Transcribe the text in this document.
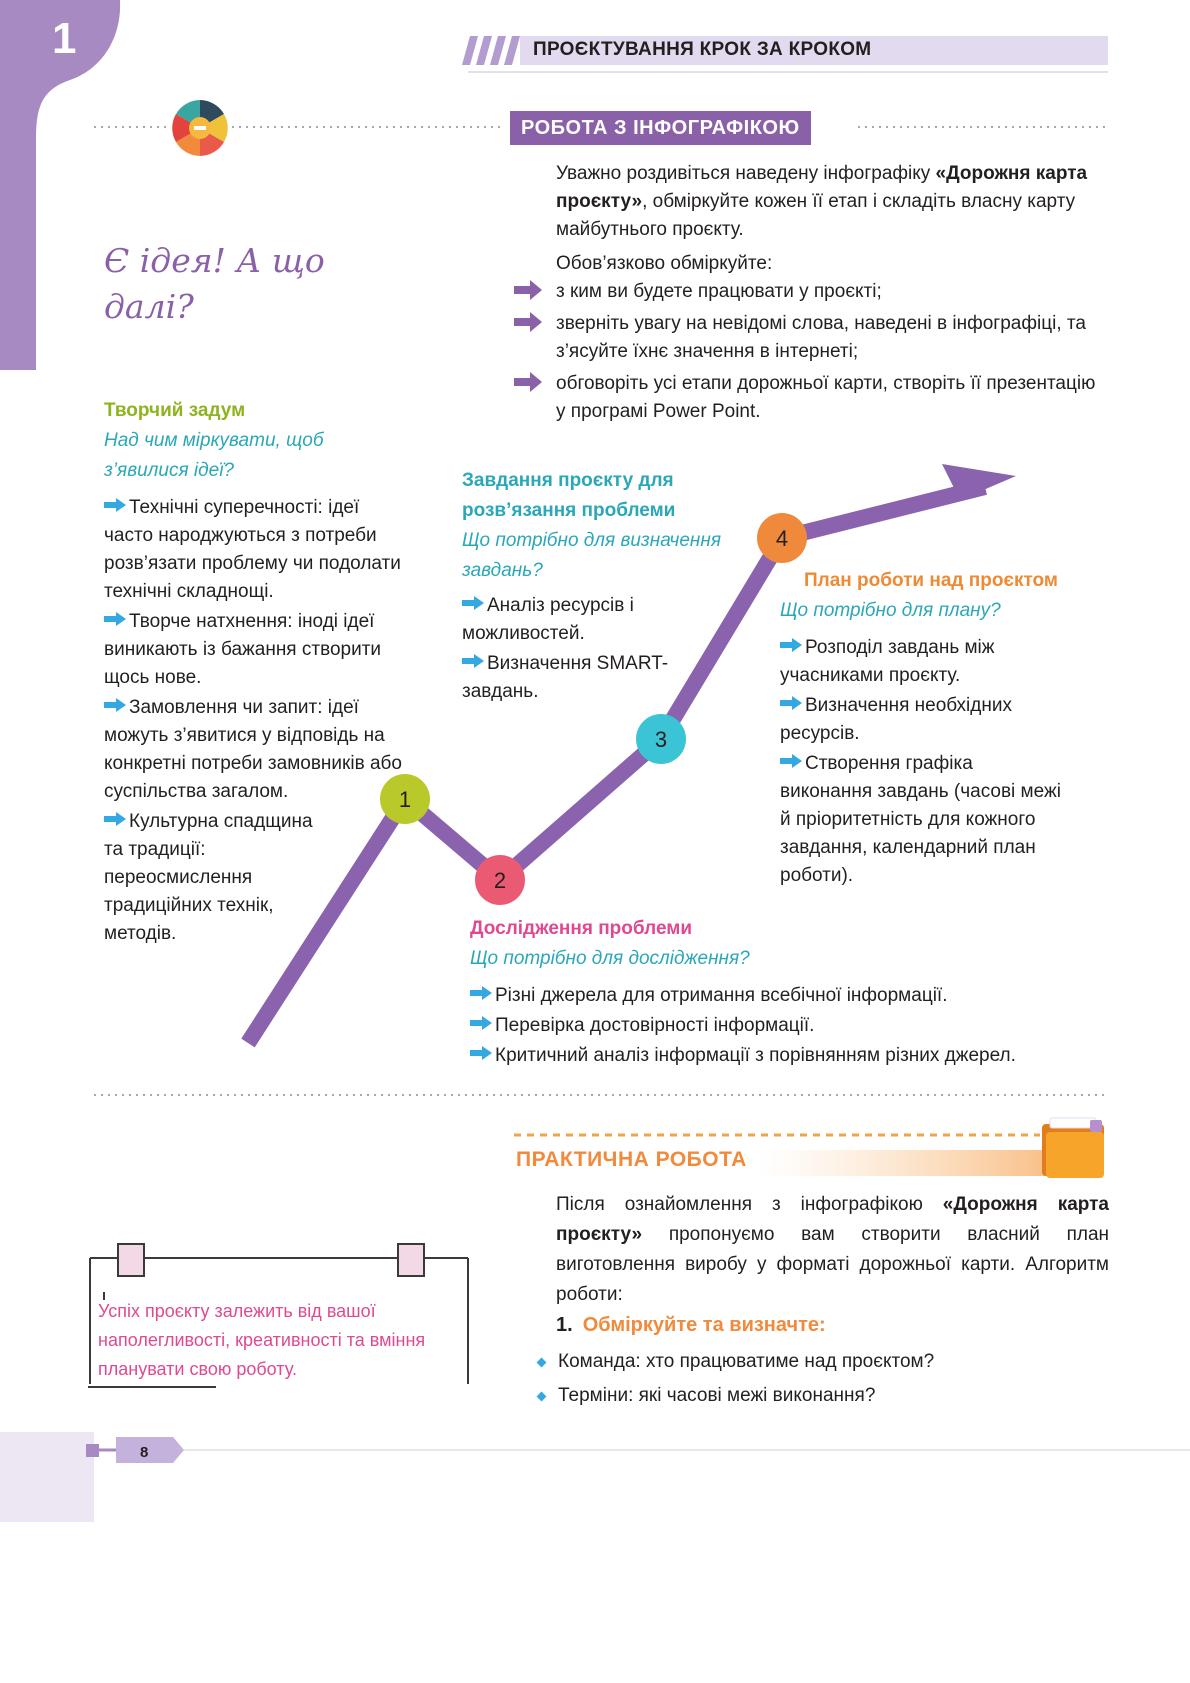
1	ПРОЄКТУВАННЯ КРОК ЗА КРОКОМ
РОБОТА З ІНФОГРАФІКОЮ
Уважно роздивіться наведену інфографіку «Дорожня карта проєкту», обміркуйте кожен її етап і складіть власну карту майбутнього проєкту.
Обов’язково обміркуйте:
з ким ви будете працювати у проєкті;
зверніть увагу на невідомі слова, наведені в інфографіці, та з’ясуйте їхнє значення в інтернеті;
обговоріть усі етапи дорожньої карти, створіть її презентацію у програмі Power Point.
Є ідея! А що далі?
1
2
3
4
Творчий задум
Над чим міркувати, щоб з’явилися ідеї?
Технічні суперечності: ідеї часто народжуються з потреби розв’язати проблему чи подолати технічні складнощі.
Творче натхнення: іноді ідеї виникають із бажання створити щось нове.
Замовлення чи запит: ідеї можуть з’явитися у відповідь на конкретні потреби замовників або суспільства загалом.
Культурна спадщина та традиції: переосмислення традиційних технік, методів.
Завдання проєкту для розв’язання проблеми
Що потрібно для визначення завдань?
Аналіз ресурсів і можливостей.
Визначення SMART-завдань.
План роботи над проєктом
Що потрібно для плану?
Розподіл завдань між учасниками проєкту.
Визначення необхідних ресурсів.
Створення графіка виконання завдань (часові межі й пріоритетність для кожного завдання, календарний план роботи).
Дослідження проблеми
Що потрібно для дослідження?
Різні джерела для отримання всебічної інформації.
Перевірка достовірності інформації.
Критичний аналіз інформації з порівнянням різних джерел.
ПРАКТИЧНА РОБОТА
Після ознайомлення з інфографікою «Дорожня карта проєкту» пропонуємо вам створити власний план виготовлення виробу у форматі дорожньої карти. Алгоритм роботи:
1. Обміркуйте та визначте:
Команда: хто працюватиме над проєктом?
Терміни: які часові межі виконання?
Успіх проєкту залежить від вашої наполегливості, креативності та вміння планувати свою роботу.
8
